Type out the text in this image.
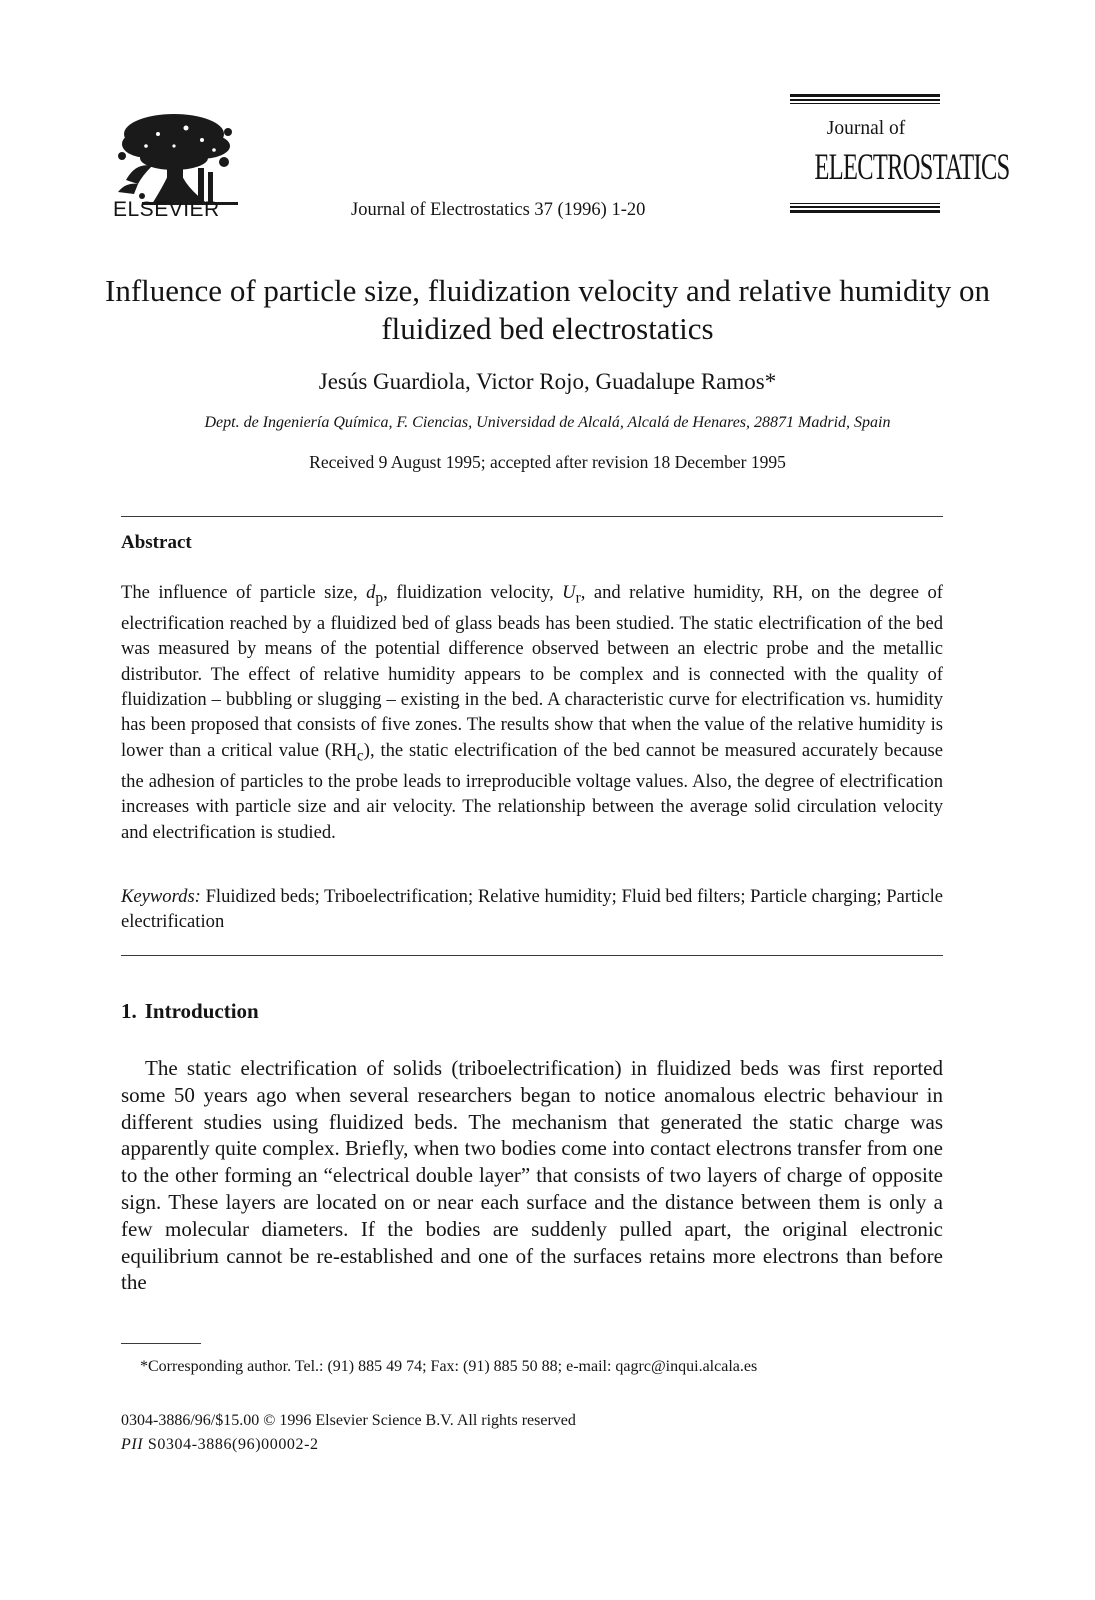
ELSEVIER	Journal of Electrostatics 37 (1996) 1-20
Journal of
ELECTROSTATICS
Influence of particle size, fluidization velocity and relative humidity on fluidized bed electrostatics
Jesús Guardiola, Victor Rojo, Guadalupe Ramos*
Dept. de Ingeniería Química, F. Ciencias, Universidad de Alcalá, Alcalá de Henares, 28871 Madrid, Spain
Received 9 August 1995; accepted after revision 18 December 1995
Abstract
The influence of particle size, $d_p$, fluidization velocity, $U_r$, and relative humidity, RH, on the degree of electrification reached by a fluidized bed of glass beads has been studied. The static electrification of the bed was measured by means of the potential difference observed between an electric probe and the metallic distributor. The effect of relative humidity appears to be complex and is connected with the quality of fluidization – bubbling or slugging – existing in the bed. A characteristic curve for electrification vs. humidity has been proposed that consists of five zones. The results show that when the value of the relative humidity is lower than a critical value $(RH_c)$, the static electrification of the bed cannot be measured accurately because the adhesion of particles to the probe leads to irreproducible voltage values. Also, the degree of electrification increases with particle size and air velocity. The relationship between the average solid circulation velocity and electrification is studied.
Keywords: Fluidized beds; Triboelectrification; Relative humidity; Fluid bed filters; Particle charging; Particle electrification
1. Introduction
The static electrification of solids (triboelectrification) in fluidized beds was first reported some 50 years ago when several researchers began to notice anomalous electric behaviour in different studies using fluidized beds. The mechanism that generated the static charge was apparently quite complex. Briefly, when two bodies come into contact electrons transfer from one to the other forming an “electrical double layer” that consists of two layers of charge of opposite sign. These layers are located on or near each surface and the distance between them is only a few molecular diameters. If the bodies are suddenly pulled apart, the original electronic equilibrium cannot be re-established and one of the surfaces retains more electrons than before the
*Corresponding author. Tel.: (91) 885 49 74; Fax: (91) 885 50 88; e-mail: qagrc@inqui.alcala.es
0304-3886/96/$15.00 © 1996 Elsevier Science B.V. All rights reserved
PII S0304-3886(96)00002-2
